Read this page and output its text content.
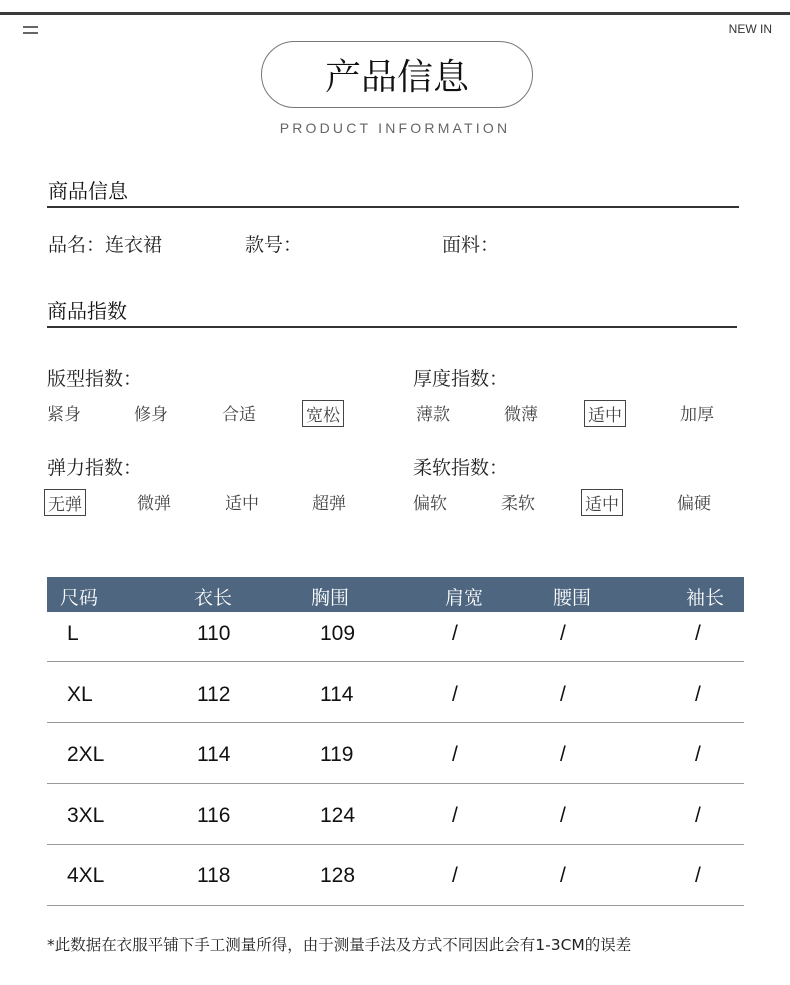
NEW IN
产品信息
PRODUCT INFORMATION
商品信息
品名：连衣裙	款号：	面料：
商品指数
版型指数：
紧身	修身	合适	宽松
厚度指数：
薄款	微薄	适中	加厚
弹力指数：
无弹	微弹	适中	超弹
柔软指数：
偏软	柔软	适中	偏硬
尺码	衣长	胸围	肩宽	腰围	袖长
L	110	109	/	/	/
XL	112	114	/	/	/
2XL	114	119	/	/	/
3XL	116	124	/	/	/
4XL	118	128	/	/	/
*此数据在衣服平铺下手工测量所得，由于测量手法及方式不同因此会有1-3CM的误差
